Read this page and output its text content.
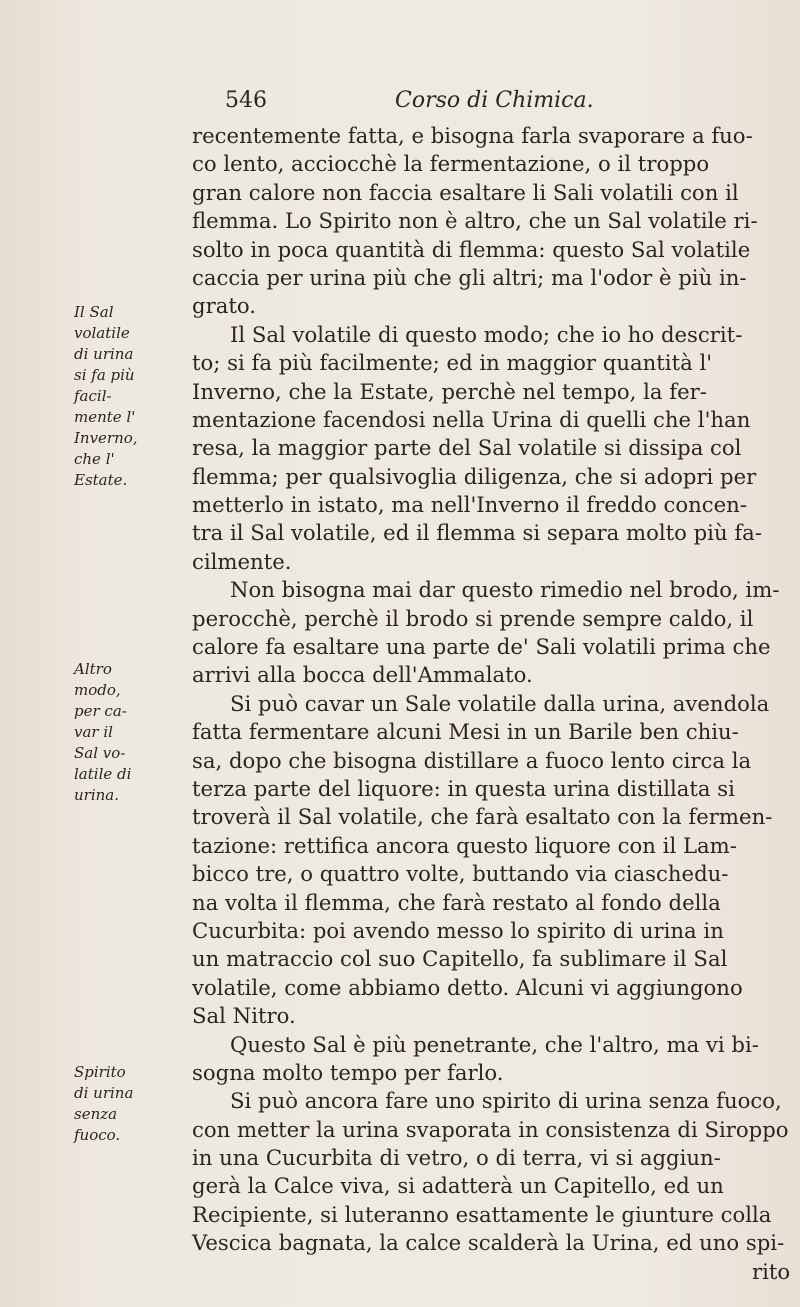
546	Corso di Chimica.
recentemente fatta, e bisogna farla svaporare a fuo-
co lento, acciocchè la fermentazione, o il troppo
gran calore non faccia esaltare li Sali volatili con il
flemma. Lo Spirito non è altro, che un Sal volatile ri-
solto in poca quantità di flemma: questo Sal volatile
caccia per urina più che gli altri; ma l'odor è più in-
grato.
Il Sal volatile di questo modo; che io ho descrit-
to; si fa più facilmente; ed in maggior quantità l'
Inverno, che la Estate, perchè nel tempo, la fer-
mentazione facendosi nella Urina di quelli che l'han
resa, la maggior parte del Sal volatile si dissipa col
flemma; per qualsivoglia diligenza, che si adopri per
metterlo in istato, ma nell'Inverno il freddo concen-
tra il Sal volatile, ed il flemma si separa molto più fa-
cilmente.
Non bisogna mai dar questo rimedio nel brodo, im-
perocchè, perchè il brodo si prende sempre caldo, il
calore fa esaltare una parte de' Sali volatili prima che
arrivi alla bocca dell'Ammalato.
Si può cavar un Sale volatile dalla urina, avendola
fatta fermentare alcuni Mesi in un Barile ben chiu-
sa, dopo che bisogna distillare a fuoco lento circa la
terza parte del liquore: in questa urina distillata si
troverà il Sal volatile, che farà esaltato con la fermen-
tazione: rettifica ancora questo liquore con il Lam-
bicco tre, o quattro volte, buttando via ciaschedu-
na volta il flemma, che farà restato al fondo della
Cucurbita: poi avendo messo lo spirito di urina in
un matraccio col suo Capitello, fa sublimare il Sal
volatile, come abbiamo detto. Alcuni vi aggiungono
Sal Nitro.
Questo Sal è più penetrante, che l'altro, ma vi bi-
sogna molto tempo per farlo.
Si può ancora fare uno spirito di urina senza fuoco,
con metter la urina svaporata in consistenza di Siroppo
in una Cucurbita di vetro, o di terra, vi si aggiun-
gerà la Calce viva, si adatterà un Capitello, ed un
Recipiente, si luteranno esattamente le giunture colla
Vescica bagnata, la calce scalderà la Urina, ed uno spi-
rito
Il Sal
volatile
di urina
si fa più
facil-
mente l'
Inverno,
che l'
Estate.
Altro
modo,
per ca-
var il
Sal vo-
latile di
urina.
Spirito
di urina
senza
fuoco.
